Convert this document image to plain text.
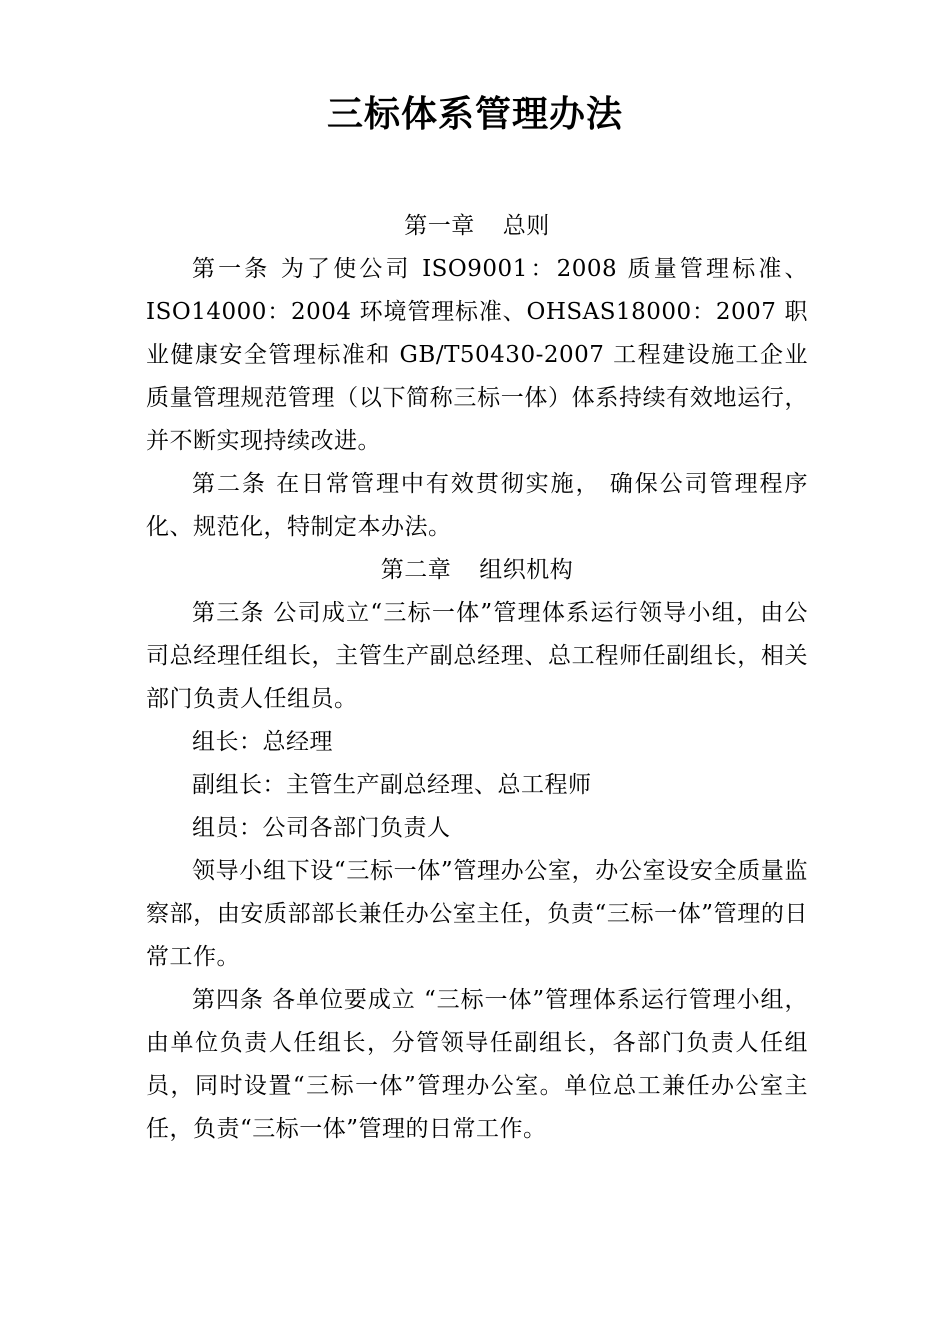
三标体系管理办法

第一章 总则

第一条 为了使公司 ISO9001：2008 质量管理标准、ISO14000：2004 环境管理标准、OHSAS18000：2007 职业健康安全管理标准和 GB/T50430-2007 工程建设施工企业质量管理规范管理（以下简称三标一体）体系持续有效地运行，并不断实现持续改进。

第二条 在日常管理中有效贯彻实施， 确保公司管理程序化、规范化，特制定本办法。

第二章 组织机构

第三条 公司成立“三标一体”管理体系运行领导小组，由公司总经理任组长，主管生产副总经理、总工程师任副组长，相关部门负责人任组员。

组长：总经理

副组长：主管生产副总经理、总工程师

组员：公司各部门负责人

领导小组下设“三标一体”管理办公室，办公室设安全质量监察部，由安质部部长兼任办公室主任，负责“三标一体”管理的日常工作。

第四条 各单位要成立 “三标一体”管理体系运行管理小组，由单位负责人任组长，分管领导任副组长，各部门负责人任组员，同时设置“三标一体”管理办公室。单位总工兼任办公室主任，负责“三标一体”管理的日常工作。
